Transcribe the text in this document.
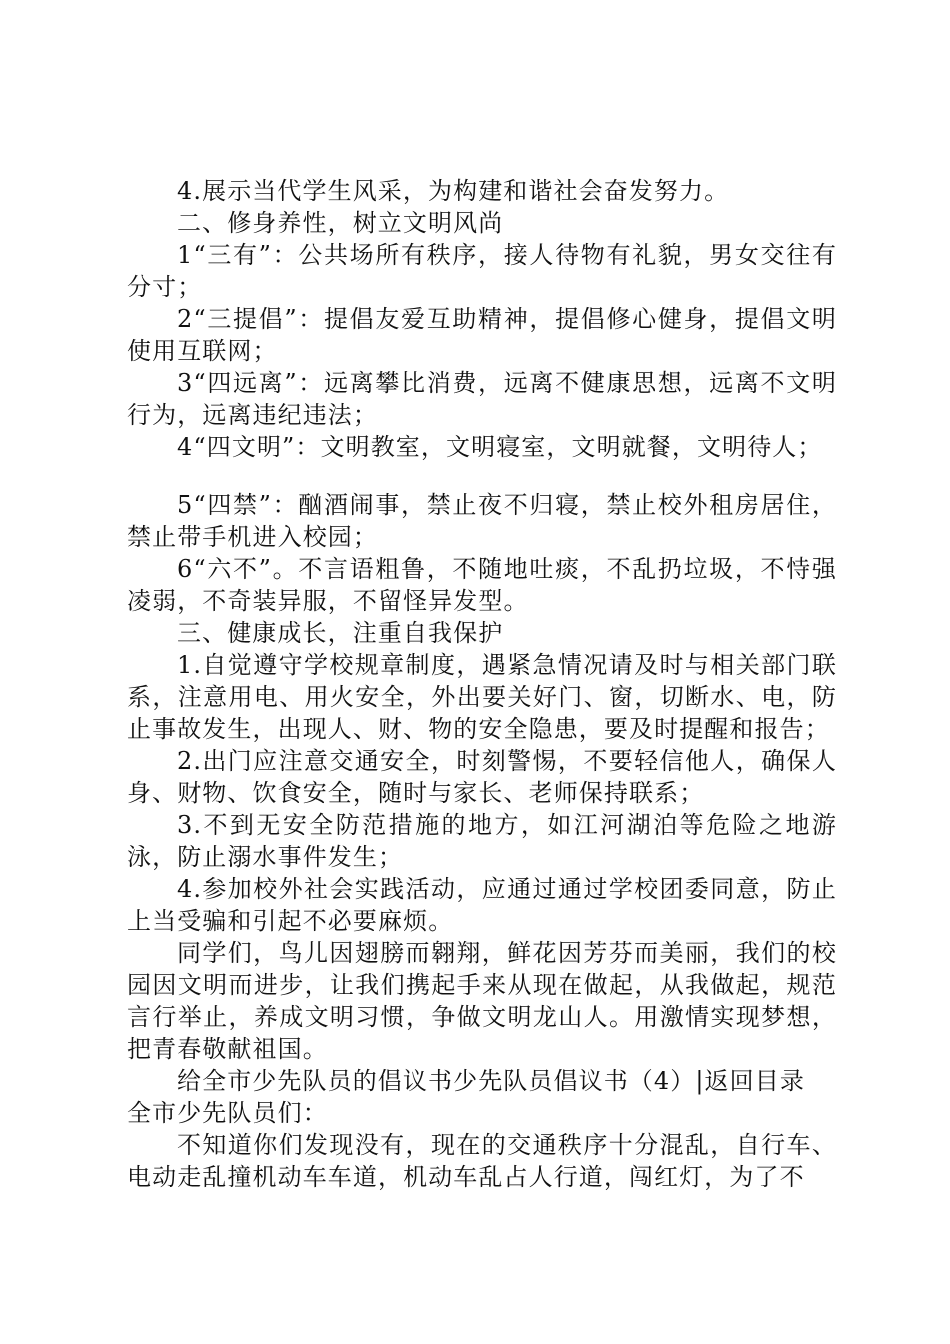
4.展示当代学生风采，为构建和谐社会奋发努力。

二、修身养性，树立文明风尚

1“三有”：公共场所有秩序，接人待物有礼貌，男女交往有分寸；

2“三提倡”：提倡友爱互助精神，提倡修心健身，提倡文明使用互联网；

3“四远离”：远离攀比消费，远离不健康思想，远离不文明行为，远离违纪违法；

4“四文明”：文明教室，文明寝室，文明就餐，文明待人；

5“四禁”：酗酒闹事，禁止夜不归寝，禁止校外租房居住，禁止带手机进入校园；

6“六不”。不言语粗鲁，不随地吐痰，不乱扔垃圾，不恃强凌弱，不奇装异服，不留怪异发型。

三、健康成长，注重自我保护

1.自觉遵守学校规章制度，遇紧急情况请及时与相关部门联系，注意用电、用火安全，外出要关好门、窗，切断水、电，防止事故发生，出现人、财、物的安全隐患，要及时提醒和报告；

2.出门应注意交通安全，时刻警惕，不要轻信他人，确保人身、财物、饮食安全，随时与家长、老师保持联系；

3.不到无安全防范措施的地方，如江河湖泊等危险之地游泳，防止溺水事件发生；

4.参加校外社会实践活动，应通过通过学校团委同意，防止上当受骗和引起不必要麻烦。

同学们，鸟儿因翅膀而翱翔，鲜花因芳芬而美丽，我们的校园因文明而进步，让我们携起手来从现在做起，从我做起，规范言行举止，养成文明习惯，争做文明龙山人。用激情实现梦想，把青春敬献祖国。

给全市少先队员的倡议书少先队员倡议书（4）|返回目录

全市少先队员们：

不知道你们发现没有，现在的交通秩序十分混乱，自行车、电动走乱撞机动车车道，机动车乱占人行道，闯红灯，为了不
